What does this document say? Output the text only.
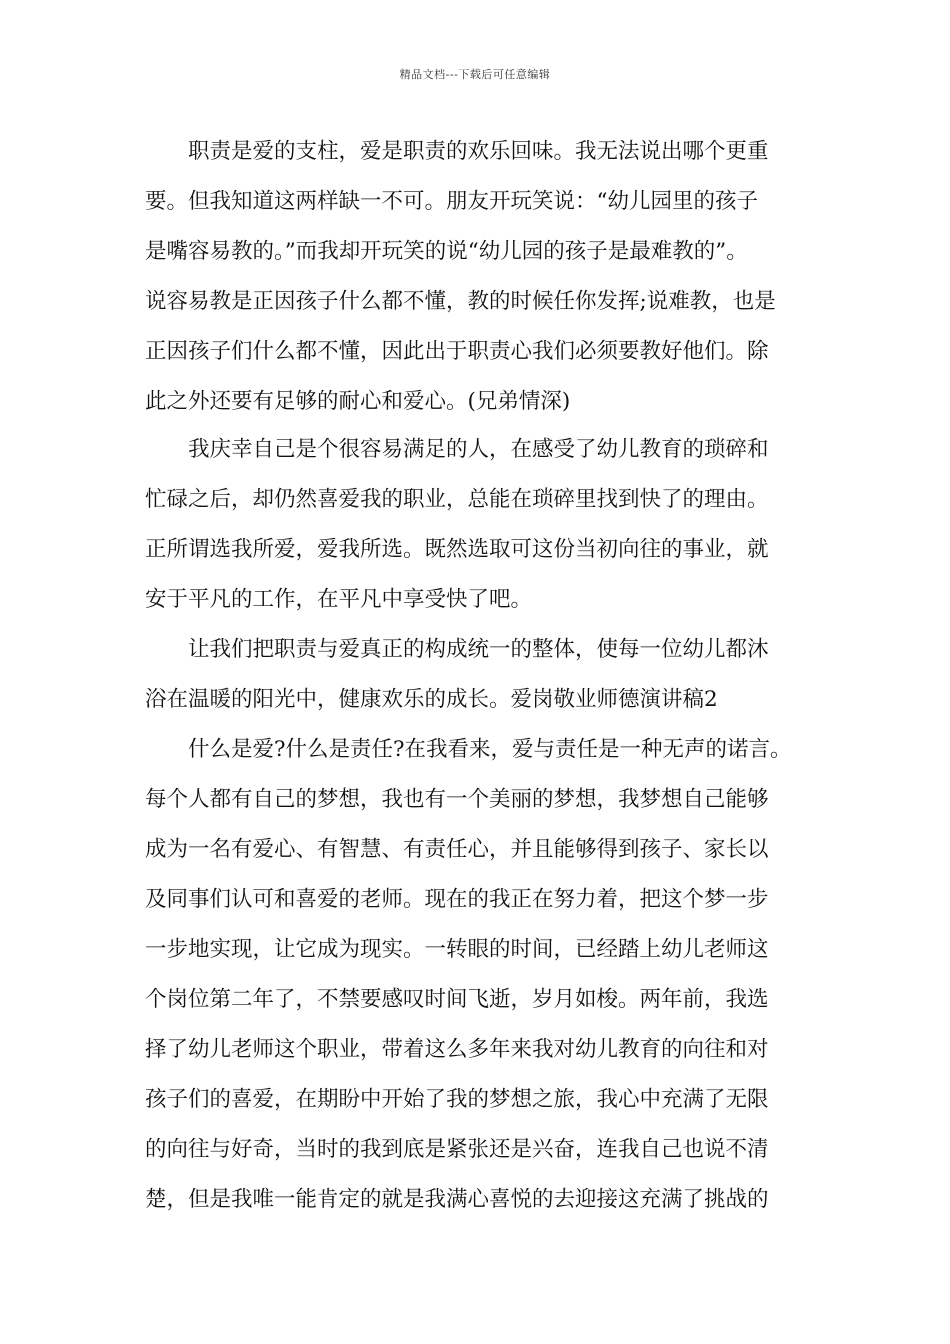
精品文档---下载后可任意编辑
　　职责是爱的支柱，爱是职责的欢乐回味。我无法说出哪个更重
要。但我知道这两样缺一不可。朋友开玩笑说：“幼儿园里的孩子
是嘴容易教的。”而我却开玩笑的说“幼儿园的孩子是最难教的”。
说容易教是正因孩子什么都不懂，教的时候任你发挥;说难教，也是
正因孩子们什么都不懂，因此出于职责心我们必须要教好他们。除
此之外还要有足够的耐心和爱心。(兄弟情深)
　　我庆幸自己是个很容易满足的人，在感受了幼儿教育的琐碎和
忙碌之后，却仍然喜爱我的职业，总能在琐碎里找到快了的理由。
正所谓选我所爱，爱我所选。既然选取可这份当初向往的事业，就
安于平凡的工作，在平凡中享受快了吧。
　　让我们把职责与爱真正的构成统一的整体，使每一位幼儿都沐
浴在温暖的阳光中，健康欢乐的成长。爱岗敬业师德演讲稿2
　　什么是爱?什么是责任?在我看来，爱与责任是一种无声的诺言。
每个人都有自己的梦想，我也有一个美丽的梦想，我梦想自己能够
成为一名有爱心、有智慧、有责任心，并且能够得到孩子、家长以
及同事们认可和喜爱的老师。现在的我正在努力着，把这个梦一步
一步地实现，让它成为现实。一转眼的时间，已经踏上幼儿老师这
个岗位第二年了，不禁要感叹时间飞逝，岁月如梭。两年前，我选
择了幼儿老师这个职业，带着这么多年来我对幼儿教育的向往和对
孩子们的喜爱，在期盼中开始了我的梦想之旅，我心中充满了无限
的向往与好奇，当时的我到底是紧张还是兴奋，连我自己也说不清
楚，但是我唯一能肯定的就是我满心喜悦的去迎接这充满了挑战的
